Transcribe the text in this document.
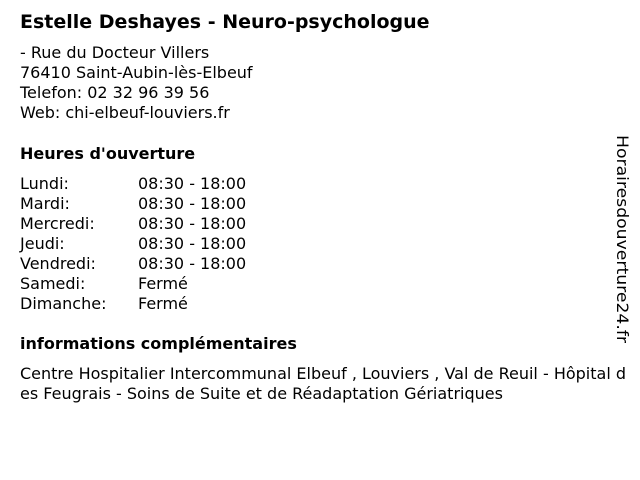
Estelle Deshayes - Neuro-psychologue
- Rue du Docteur Villers
76410 Saint-Aubin-lès-Elbeuf
Telefon: 02 32 96 39 56
Web: chi-elbeuf-louviers.fr
Heures d'ouverture
Lundi:	08:30 - 18:00
Mardi:	08:30 - 18:00
Mercredi:	08:30 - 18:00
Jeudi:	08:30 - 18:00
Vendredi:	08:30 - 18:00
Samedi:	Fermé
Dimanche: Fermé
informations complémentaires
Centre Hospitalier Intercommunal Elbeuf , Louviers , Val de Reuil - Hôpital des Feugrais - Soins de Suite et de Réadaptation Gériatriques
Horairesdouverture24.fr
